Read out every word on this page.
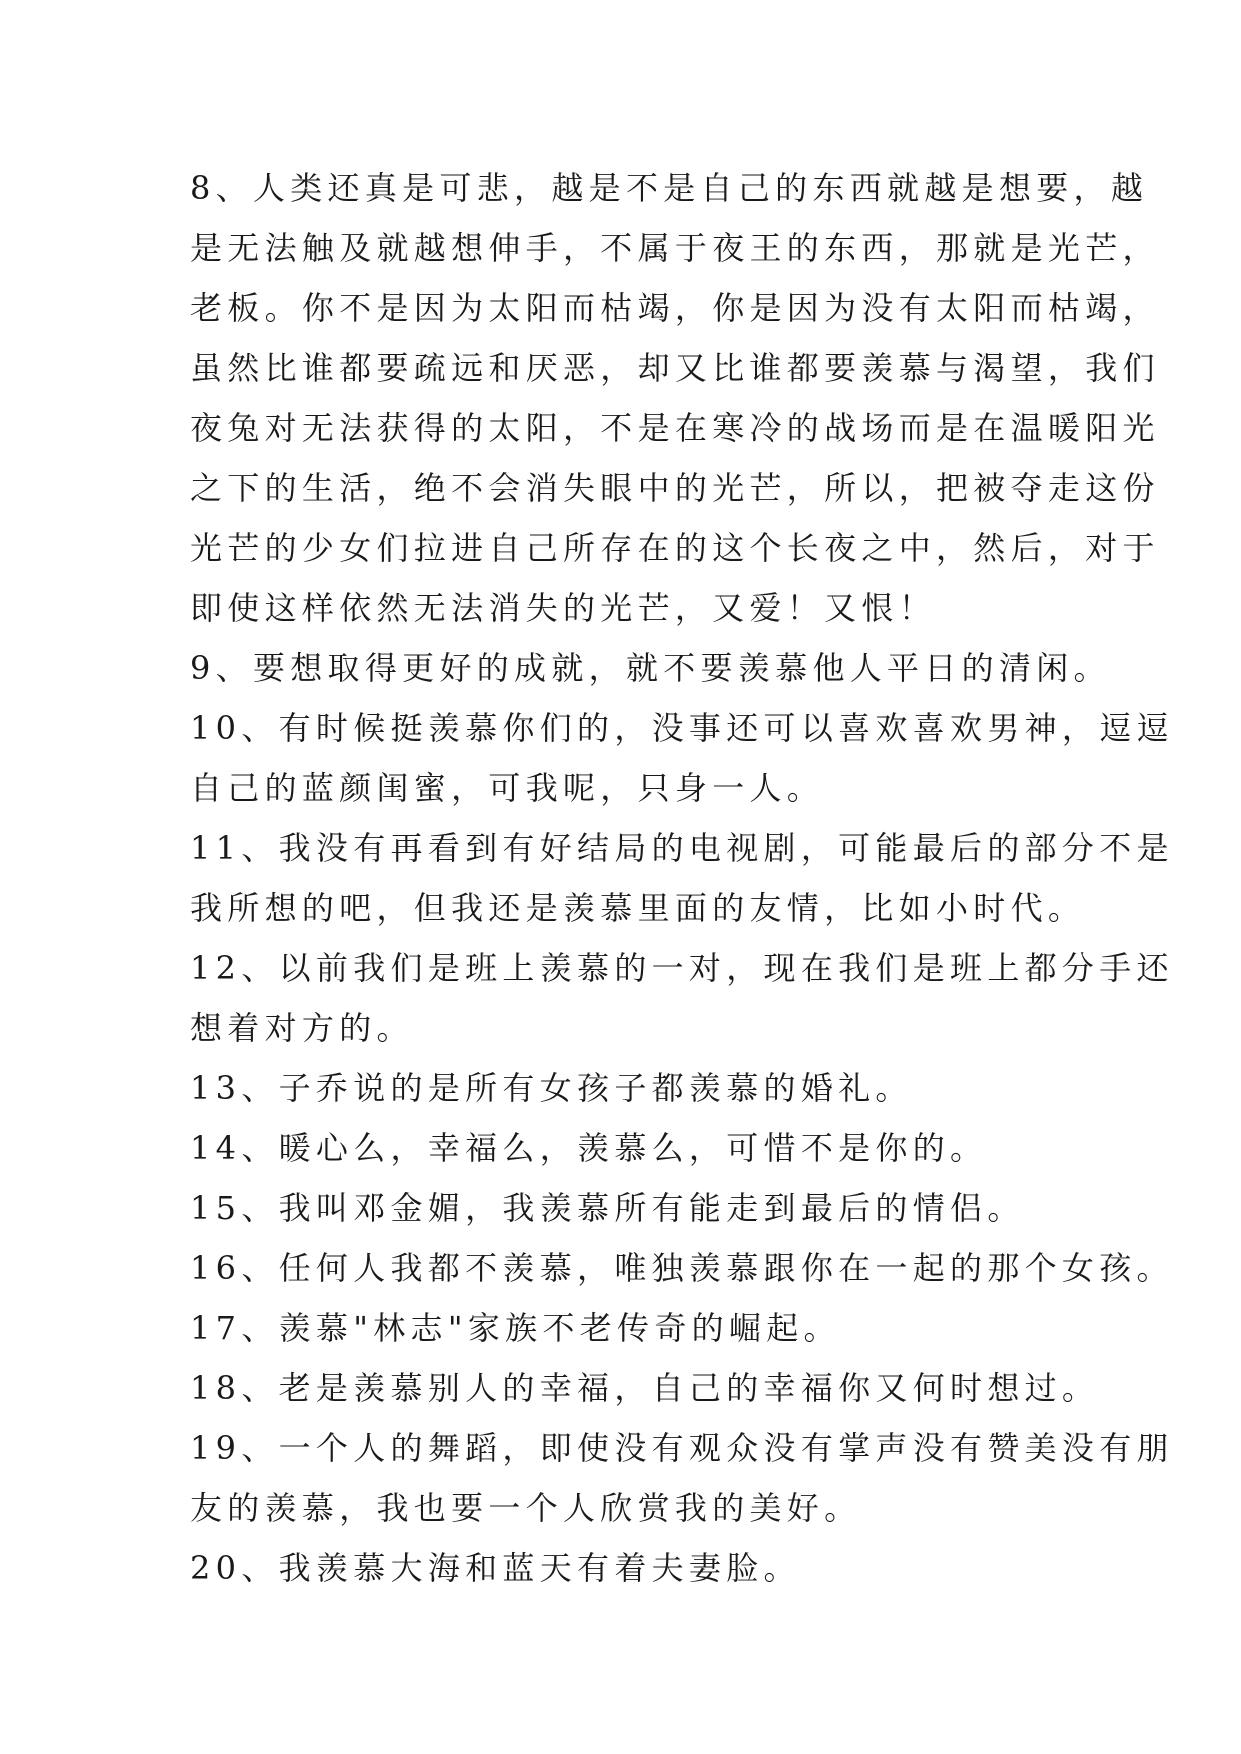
8、人类还真是可悲，越是不是自己的东西就越是想要，越
是无法触及就越想伸手，不属于夜王的东西，那就是光芒，
老板。你不是因为太阳而枯竭，你是因为没有太阳而枯竭，
虽然比谁都要疏远和厌恶，却又比谁都要羡慕与渴望，我们
夜兔对无法获得的太阳，不是在寒冷的战场而是在温暖阳光
之下的生活，绝不会消失眼中的光芒，所以，把被夺走这份
光芒的少女们拉进自己所存在的这个长夜之中，然后，对于
即使这样依然无法消失的光芒，又爱！又恨！
9、要想取得更好的成就，就不要羡慕他人平日的清闲。
10、有时候挺羡慕你们的，没事还可以喜欢喜欢男神，逗逗
自己的蓝颜闺蜜，可我呢，只身一人。
11、我没有再看到有好结局的电视剧，可能最后的部分不是
我所想的吧，但我还是羡慕里面的友情，比如小时代。
12、以前我们是班上羡慕的一对，现在我们是班上都分手还
想着对方的。
13、子乔说的是所有女孩子都羡慕的婚礼。
14、暖心么，幸福么，羡慕么，可惜不是你的。
15、我叫邓金媚，我羡慕所有能走到最后的情侣。
16、任何人我都不羡慕，唯独羡慕跟你在一起的那个女孩。
17、羡慕"林志"家族不老传奇的崛起。
18、老是羡慕别人的幸福，自己的幸福你又何时想过。
19、一个人的舞蹈，即使没有观众没有掌声没有赞美没有朋
友的羡慕，我也要一个人欣赏我的美好。
20、我羡慕大海和蓝天有着夫妻脸。
